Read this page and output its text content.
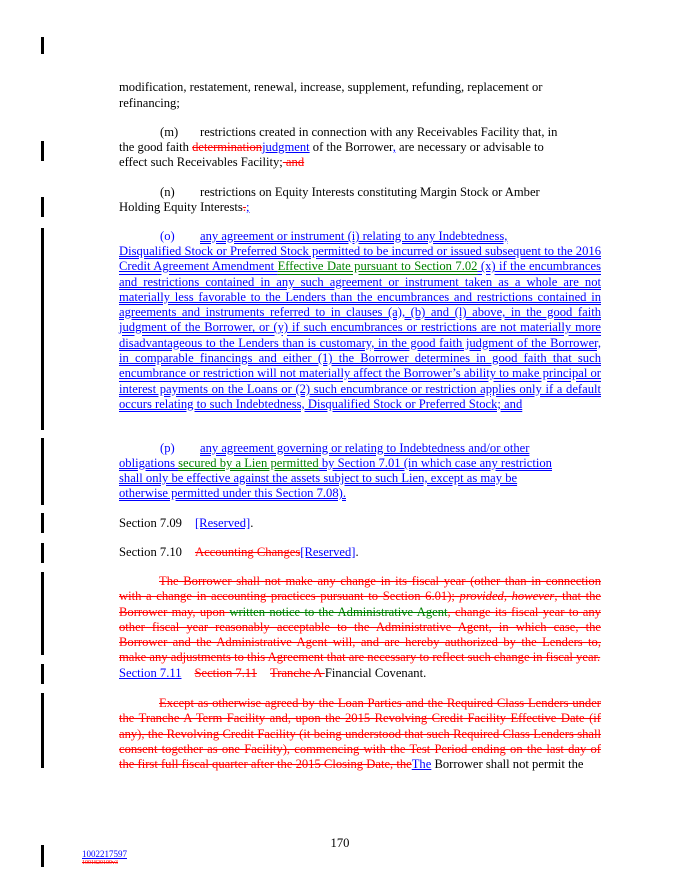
modification, restatement, renewal, increase, supplement, refunding, replacement or
refinancing;
(m) restrictions created in connection with any Receivables Facility that, in
the good faith determinationjudgment of the Borrower, are necessary or advisable to
effect such Receivables Facility; and
(n) restrictions on Equity Interests constituting Margin Stock or Amber
Holding Equity Interests.;
(o) any agreement or instrument (i) relating to any Indebtedness,
Disqualified Stock or Preferred Stock permitted to be incurred or issued subsequent to the 2016 Credit Agreement Amendment Effective Date pursuant to Section 7.02 (x) if the encumbrances and restrictions contained in any such agreement or instrument taken as a whole are not materially less favorable to the Lenders than the encumbrances and restrictions contained in agreements and instruments referred to in clauses (a), (b) and (l) above, in the good faith judgment of the Borrower, or (y) if such encumbrances or restrictions are not materially more disadvantageous to the Lenders than is customary, in the good faith judgment of the Borrower, in comparable financings and either (1) the Borrower determines in good faith that such encumbrance or restriction will not materially affect the Borrower’s ability to make principal or interest payments on the Loans or (2) such encumbrance or restriction applies only if a default occurs relating to such Indebtedness, Disqualified Stock or Preferred Stock; and
(p) any agreement governing or relating to Indebtedness and/or other
obligations secured by a Lien permitted by Section 7.01 (in which case any restriction
shall only be effective against the assets subject to such Lien, except as may be
otherwise permitted under this Section 7.08).
Section 7.09 [Reserved].
Section 7.10 Accounting Changes[Reserved].
The Borrower shall not make any change in its fiscal year (other than in connection with a change in accounting practices pursuant to Section 6.01); provided, however, that the Borrower may, upon written notice to the Administrative Agent, change its fiscal year to any other fiscal year reasonably acceptable to the Administrative Agent, in which case, the Borrower and the Administrative Agent will, and are hereby authorized by the Lenders to, make any adjustments to this Agreement that are necessary to reflect such change in fiscal year.
Section 7.11 Section 7.11 Tranche A Financial Covenant.
Except as otherwise agreed by the Loan Parties and the Required Class Lenders under the Tranche A Term Facility and, upon the 2015 Revolving Credit Facility Effective Date (if any), the Revolving Credit Facility (it being understood that such Required Class Lenders shall consent together as one Facility), commencing with the Test Period ending on the last day of the first full fiscal quarter after the 2015 Closing Date, theThe Borrower shall not permit the
170
1002217597
1001820109v3
